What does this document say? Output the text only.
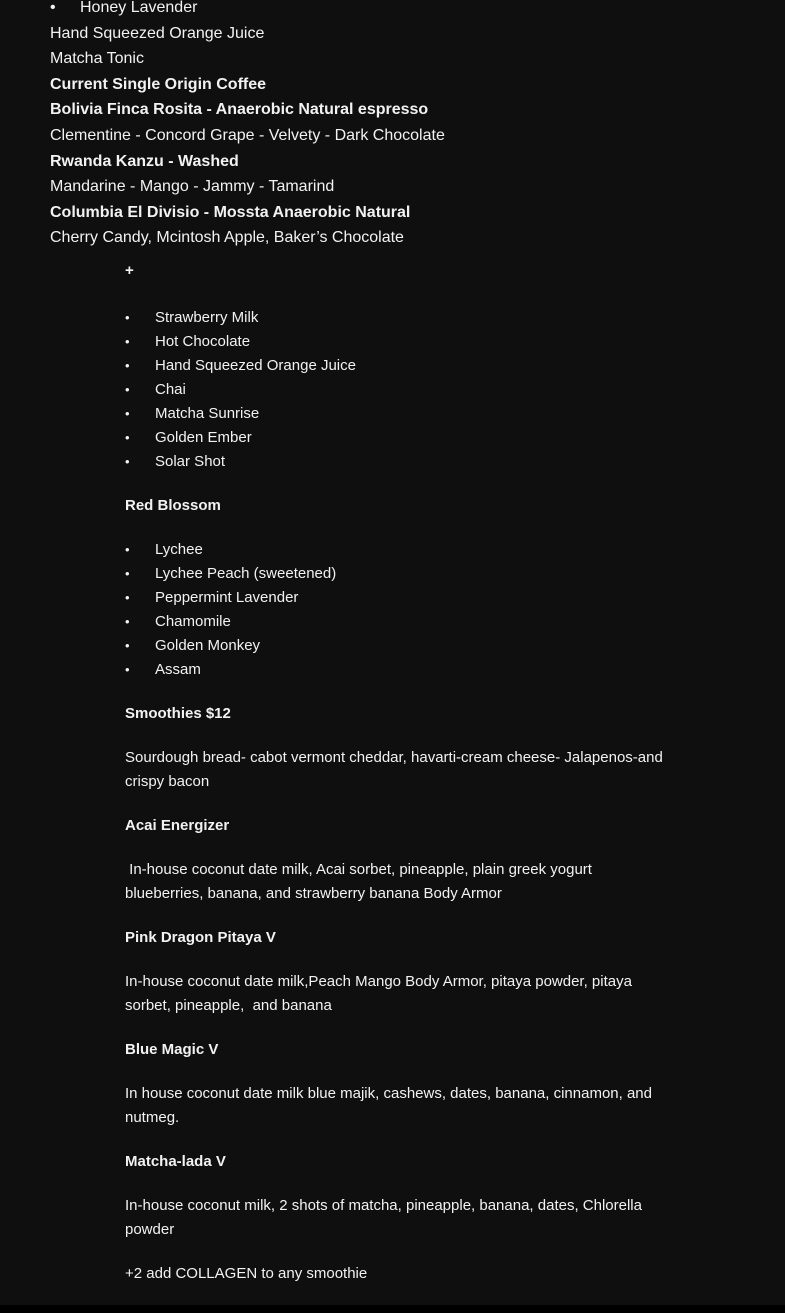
• Honey Lavender
Hand Squeezed Orange Juice
Matcha Tonic
Current Single Origin Coffee
Bolivia Finca Rosita - Anaerobic Natural espresso
Clementine - Concord Grape - Velvety - Dark Chocolate
Rwanda Kanzu - Washed
Mandarine - Mango - Jammy - Tamarind
Columbia El Divisio - Mossta Anaerobic Natural
Cherry Candy, Mcintosh Apple, Baker’s Chocolate
+
• Strawberry Milk
• Hot Chocolate
• Hand Squeezed Orange Juice
• Chai
• Matcha Sunrise
• Golden Ember
• Solar Shot
Red Blossom
• Lychee
• Lychee Peach (sweetened)
• Peppermint Lavender
• Chamomile
• Golden Monkey
• Assam
Smoothies $12
Sourdough bread- cabot vermont cheddar, havarti-cream cheese- Jalapenos-and crispy bacon
Acai Energizer
In-house coconut date milk, Acai sorbet, pineapple, plain greek yogurt blueberries, banana, and strawberry banana Body Armor
Pink Dragon Pitaya V
In-house coconut date milk,Peach Mango Body Armor, pitaya powder, pitaya sorbet, pineapple,  and banana
Blue Magic V
In house coconut date milk blue majik, cashews, dates, banana, cinnamon, and nutmeg.
Matcha-lada V
In-house coconut milk, 2 shots of matcha, pineapple, banana, dates, Chlorella powder
+2 add COLLAGEN to any smoothie
